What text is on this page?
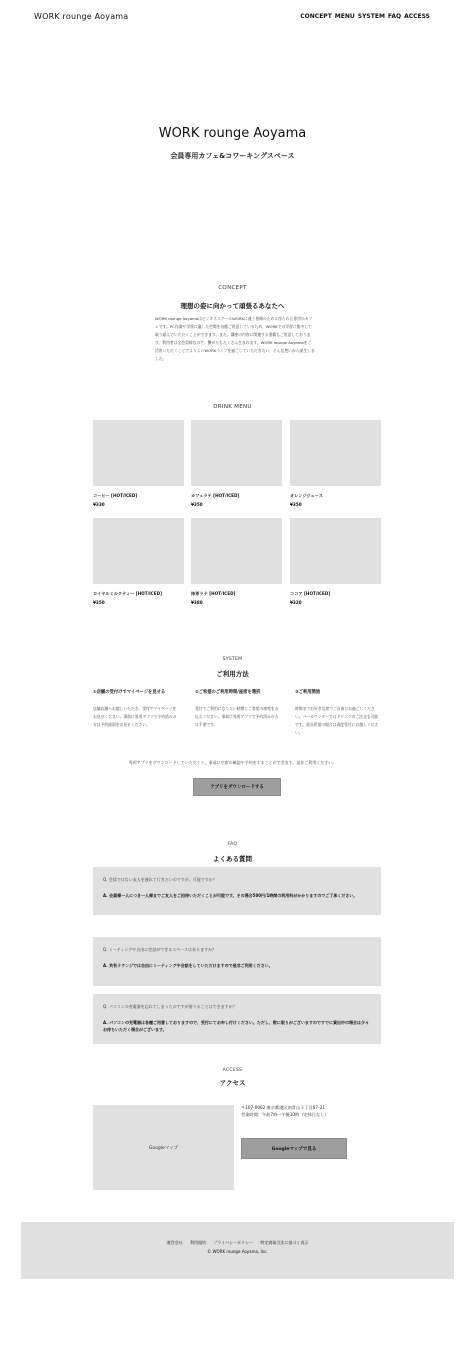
WORK rounge Aoyama	CONCEPT MENU SYSTEM FAQ ACCESS
WORK rounge Aoyama
会員専用カフェ&コワーキングスペース
CONCEPT
理想の姿に向かって頑張るあなたへ

WORK rounge AoyamaはビジネススクールWORKに通う皆様のために作られた専用のカフェです。PC作業や学習に適した空間を各種ご用意しているため、WORKでの学習に集中して取り組んでいただくことができます。また、講座の内容に関連する書籍もご用意しております。利用者は全会員様なので、繋がりもたくさん生まれます。WORK rounge Aoyamaをご活用いただくことでよりよいWORKライフを過ごしていただきたい、そんな想いから誕生しました。

DRINK MENU
コーヒー [HOT/ICED]
¥330
カフェラテ [HOT/ICED]
¥350
オレンジジュース
¥350
ロイヤルミルクティー [HOT/ICED]
¥350
抹茶ラテ [HOT/ICED]
¥380
ココア [HOT/ICED]
¥320
SYSTEM
ご利用方法
①店舗の受付けでマイページを見せる
店舗店舗へお越しいただき、受付でマイページをお見せください。事前に専用アプリで予約済みの方は予約画面をお見せください。
②ご希望のご利用時間/座席を選択
受付でご利用になりたい時間とご希望の座席をお伝えください。事前に専用アプリで予約済みの方は不要です。
③ご利用開始
時間までお好きな席でご自由にお過ごしください。バーカウンターではドリンクのご注文も可能です。延長希望の場合は再度受付にお越しください。
専用アプリをダウンロードしていただくと、事前に空席の確認や予約をすることができます。是非ご利用ください。
アプリをダウンロードする
FAQ
よくある質問
Q. 会員ではない友人を連れて行きたいのですが、可能ですか？
A. 会員様一人につき一人様までご友人をご招待いただくことが可能です。その場合500円/1時間の利用料がかかりますのでご了承ください。
Q. ミーティングや自由に会話ができるスペースはありますか？
A. 共有ラウンジでは自由にミーティングや会話をしていただけますので是非ご利用ください。
Q. パソコンの充電器を忘れてしまったのですが借りることはできますか？
A. パソコンの充電器は各種ご用意しておりますので、受付にてお申し付けください。ただし、数に限りがございますのですでに貸出中の場合は少々お待ちいただく場合がございます。
ACCESS
アクセス
Googleマップ
〒107-0062 東京都港区南青山３丁目07-21
営業時間：午前7時〜午後10時（定休日なし）
Googleマップで見る
運営会社 利用規約 プライバシーポリシー 特定商取引法に基づく表示
© WORK rounge Aoyama, Inc.
